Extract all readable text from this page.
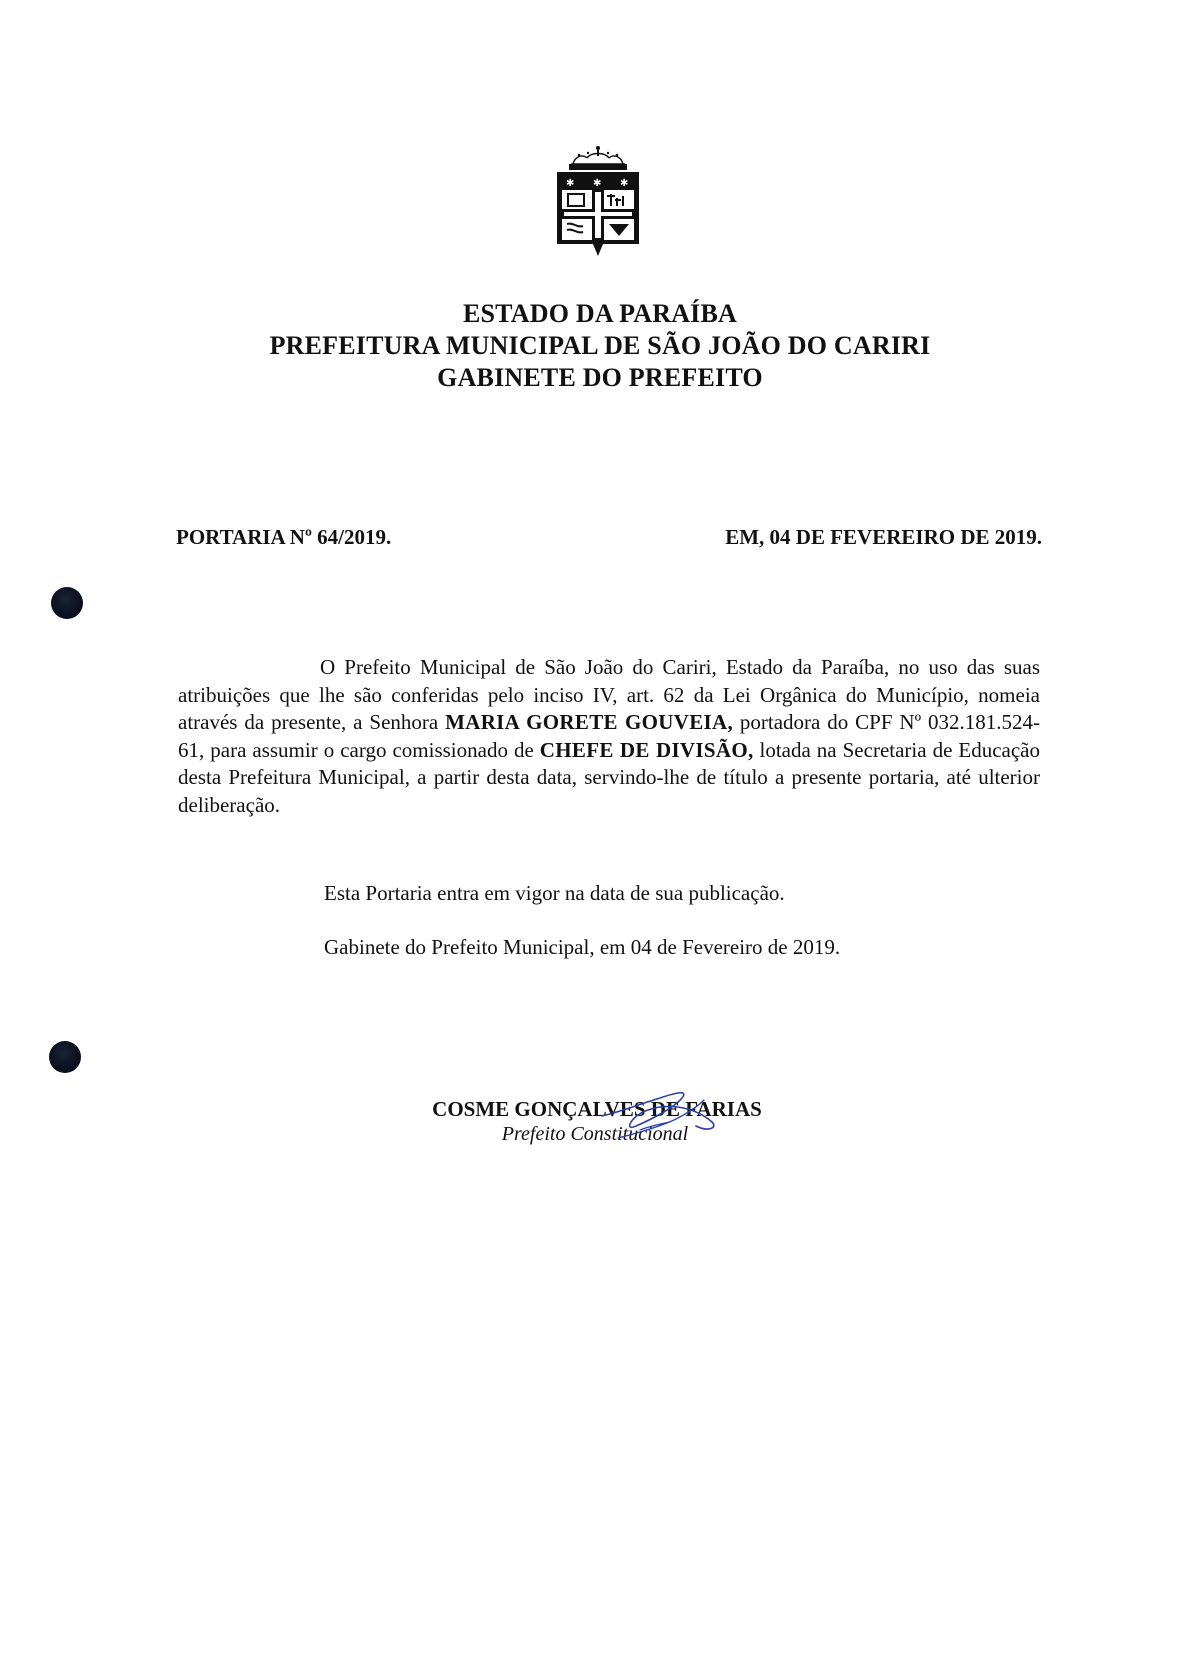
✱ ✱ ✱
ESTADO DA PARAÍBA
PREFEITURA MUNICIPAL DE SÃO JOÃO DO CARIRI
GABINETE DO PREFEITO
PORTARIA Nº 64/2019.	EM, 04 DE FEVEREIRO DE 2019.

O Prefeito Municipal de São João do Cariri, Estado da Paraíba, no uso das suas atribuições que lhe são conferidas pelo inciso IV, art. 62 da Lei Orgânica do Município, nomeia através da presente, a Senhora MARIA GORETE GOUVEIA, portadora do CPF Nº 032.181.524-61, para assumir o cargo comissionado de CHEFE DE DIVISÃO, lotada na Secretaria de Educação desta Prefeitura Municipal, a partir desta data, servindo-lhe de título a presente portaria, até ulterior deliberação.

Esta Portaria entra em vigor na data de sua publicação.
Gabinete do Prefeito Municipal, em 04 de Fevereiro de 2019.
COSME GONÇALVES DE FARIAS
Prefeito Constitucional
